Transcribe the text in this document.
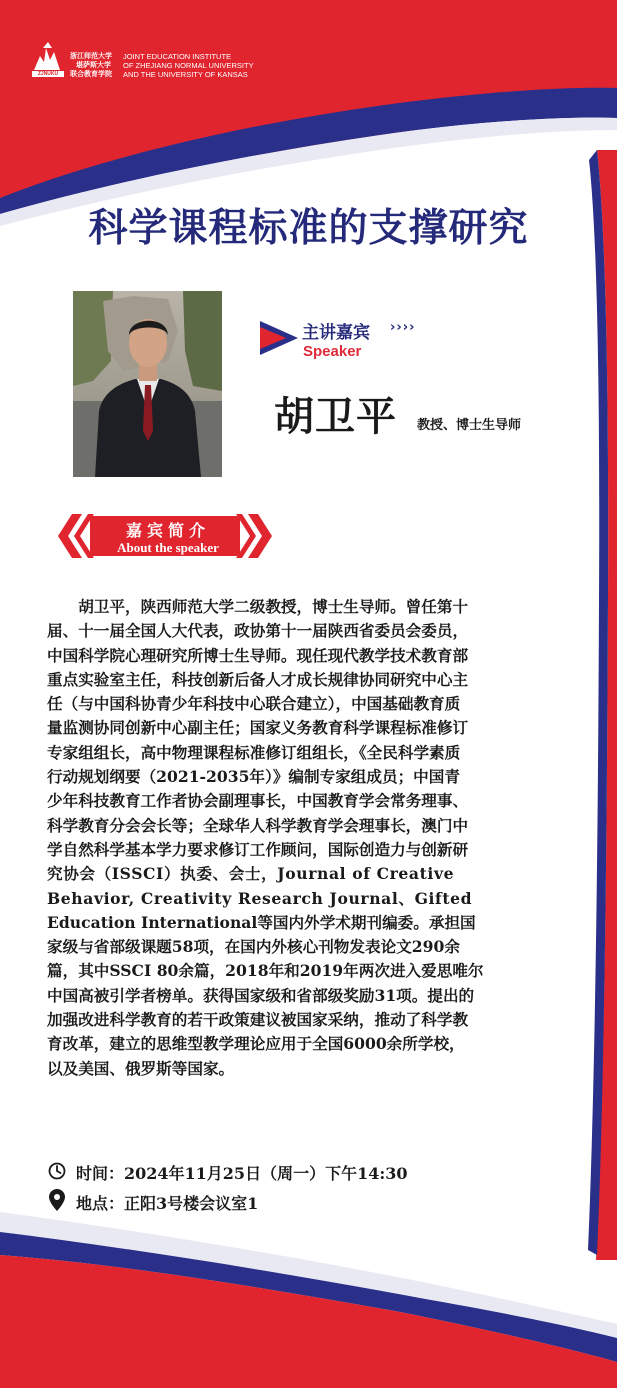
ZJNUKU
浙江师范大学
堪萨斯大学
联合教育学院
JOINT EDUCATION INSTITUTE
OF ZHEJIANG NORMAL UNIVERSITY
AND THE UNIVERSITY OF KANSAS
科学课程标准的支撑研究
主讲嘉宾 ››››
Speaker
胡卫平 教授、博士生导师
嘉宾简介
About the speaker
　　胡卫平，陕西师范大学二级教授，博士生导师。曾任第十
届、十一届全国人大代表，政协第十一届陕西省委员会委员，
中国科学院心理研究所博士生导师。现任现代教学技术教育部
重点实验室主任，科技创新后备人才成长规律协同研究中心主
任（与中国科协青少年科技中心联合建立），中国基础教育质
量监测协同创新中心副主任；国家义务教育科学课程标准修订
专家组组长，高中物理课程标准修订组组长，《全民科学素质
行动规划纲要（2021-2035年）》编制专家组成员；中国青
少年科技教育工作者协会副理事长，中国教育学会常务理事、
科学教育分会会长等；全球华人科学教育学会理事长，澳门中
学自然科学基本学力要求修订工作顾问，国际创造力与创新研
究协会（ISSCI）执委、会士，Journal of Creative
Behavior, Creativity Research Journal、Gifted
Education International等国内外学术期刊编委。承担国
家级与省部级课题58项，在国内外核心刊物发表论文290余
篇，其中SSCI 80余篇，2018年和2019年两次进入爱思唯尔
中国高被引学者榜单。获得国家级和省部级奖励31项。提出的
加强改进科学教育的若干政策建议被国家采纳，推动了科学教
育改革，建立的思维型教学理论应用于全国6000余所学校，
以及美国、俄罗斯等国家。
时间：2024年11月25日（周一）下午14:30
地点：正阳3号楼会议室1
